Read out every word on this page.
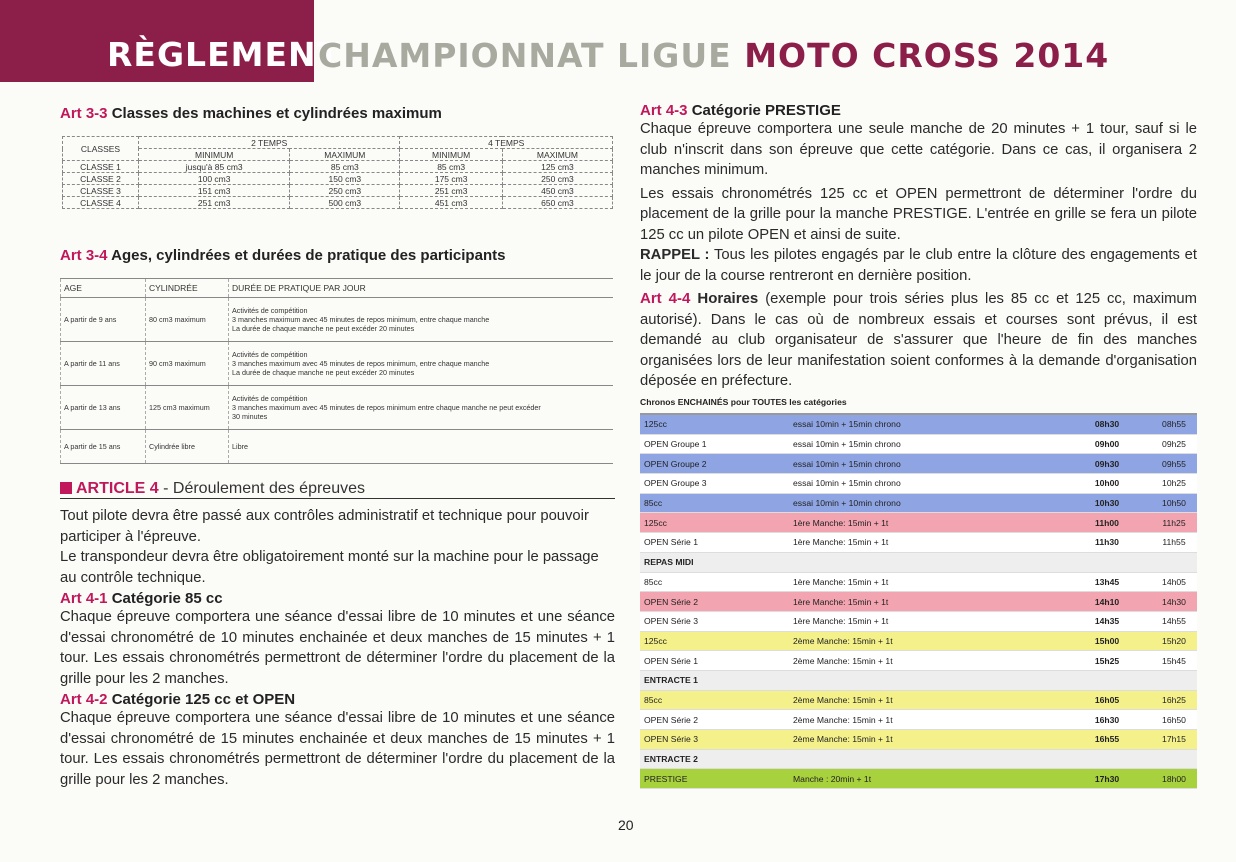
RÈGLEMENT
CHAMPIONNAT LIGUE MOTO CROSS 2014
Art 3-3 Classes des machines et cylindrées maximum
CLASSES	2 TEMPS		4 TEMPS	
	MINIMUM	MAXIMUM	MINIMUM	MAXIMUM
CLASSE 1	jusqu'à 85 cm3	85 cm3	85 cm3	125 cm3
CLASSE 2	100 cm3	150 cm3	175 cm3	250 cm3
CLASSE 3	151 cm3	250 cm3	251 cm3	450 cm3
CLASSE 4	251 cm3	500 cm3	451 cm3	650 cm3
Art 3-4 Ages, cylindrées et durées de pratique des participants
AGE	CYLINDRÉE	DURÉE DE PRATIQUE PAR JOUR
A partir de 9 ans	80 cm3 maximum	Activités de compétition
3 manches maximum avec 45 minutes de repos minimum, entre chaque manche
La durée de chaque manche ne peut excéder 20 minutes

A partir de 11 ans	90 cm3 maximum	Activités de compétition
3 manches maximum avec 45 minutes de repos minimum, entre chaque manche
La durée de chaque manche ne peut excéder 20 minutes

A partir de 13 ans	125 cm3 maximum	Activités de compétition
3 manches maximum avec 45 minutes de repos minimum entre chaque manche ne peut excéder
30 minutes

A partir de 15 ans	Cylindrée libre	Libre
ARTICLE 4 - Déroulement des épreuves

Tout pilote devra être passé aux contrôles administratif et technique pour pouvoir participer à l'épreuve.

Le transpondeur devra être obligatoirement monté sur la machine pour le passage au contrôle technique.

Art 4-1 Catégorie 85 cc

Chaque épreuve comportera une séance d'essai libre de 10 minutes et une séance d'essai chronométré de 10 minutes enchainée et deux manches de 15 minutes + 1 tour. Les essais chronométrés permettront de déterminer l'ordre du placement de la grille pour les 2 manches.

Art 4-2 Catégorie 125 cc et OPEN

Chaque épreuve comportera une séance d'essai libre de 10 minutes et une séance d'essai chronométré de 15 minutes enchainée et deux manches de 15 minutes + 1 tour. Les essais chronométrés permettront de déterminer l'ordre du placement de la grille pour les 2 manches.

Art 4-3 Catégorie PRESTIGE

Chaque épreuve comportera une seule manche de 20 minutes + 1 tour, sauf si le club n'inscrit dans son épreuve que cette catégorie. Dans ce cas, il organisera 2 manches minimum.

Les essais chronométrés 125 cc et OPEN permettront de déterminer l'ordre du placement de la grille pour la manche PRESTIGE. L'entrée en grille se fera un pilote 125 cc un pilote OPEN et ainsi de suite.

RAPPEL : Tous les pilotes engagés par le club entre la clôture des engagements et le jour de la course rentreront en dernière position.

Art 4-4 Horaires (exemple pour trois séries plus les 85 cc et 125 cc, maximum autorisé). Dans le cas où de nombreux essais et courses sont prévus, il est demandé au club organisateur de s'assurer que l'heure de fin des manches organisées lors de leur manifestation soient conformes à la demande d'organisation déposée en préfecture.

Chronos ENCHAINÉS pour TOUTES les catégories
125cc	essai 10min + 15min chrono	08h30	08h55
OPEN Groupe 1	essai 10min + 15min chrono	09h00	09h25
OPEN Groupe 2	essai 10min + 15min chrono	09h30	09h55
OPEN Groupe 3	essai 10min + 15min chrono	10h00	10h25
85cc	essai 10min + 10min chrono	10h30	10h50
125cc	1ère Manche: 15min + 1t	11h00	11h25
OPEN Série 1	1ère Manche: 15min + 1t	11h30	11h55
REPAS MIDI			
85cc	1ère Manche: 15min + 1t	13h45	14h05
OPEN Série 2	1ère Manche: 15min + 1t	14h10	14h30
OPEN Série 3	1ère Manche: 15min + 1t	14h35	14h55
125cc	2ème Manche: 15min + 1t	15h00	15h20
OPEN Série 1	2ème Manche: 15min + 1t	15h25	15h45
ENTRACTE 1			
85cc	2ème Manche: 15min + 1t	16h05	16h25
OPEN Série 2	2ème Manche: 15min + 1t	16h30	16h50
OPEN Série 3	2ème Manche: 15min + 1t	16h55	17h15
ENTRACTE 2			
PRESTIGE	Manche : 20min + 1t	17h30	18h00
20
